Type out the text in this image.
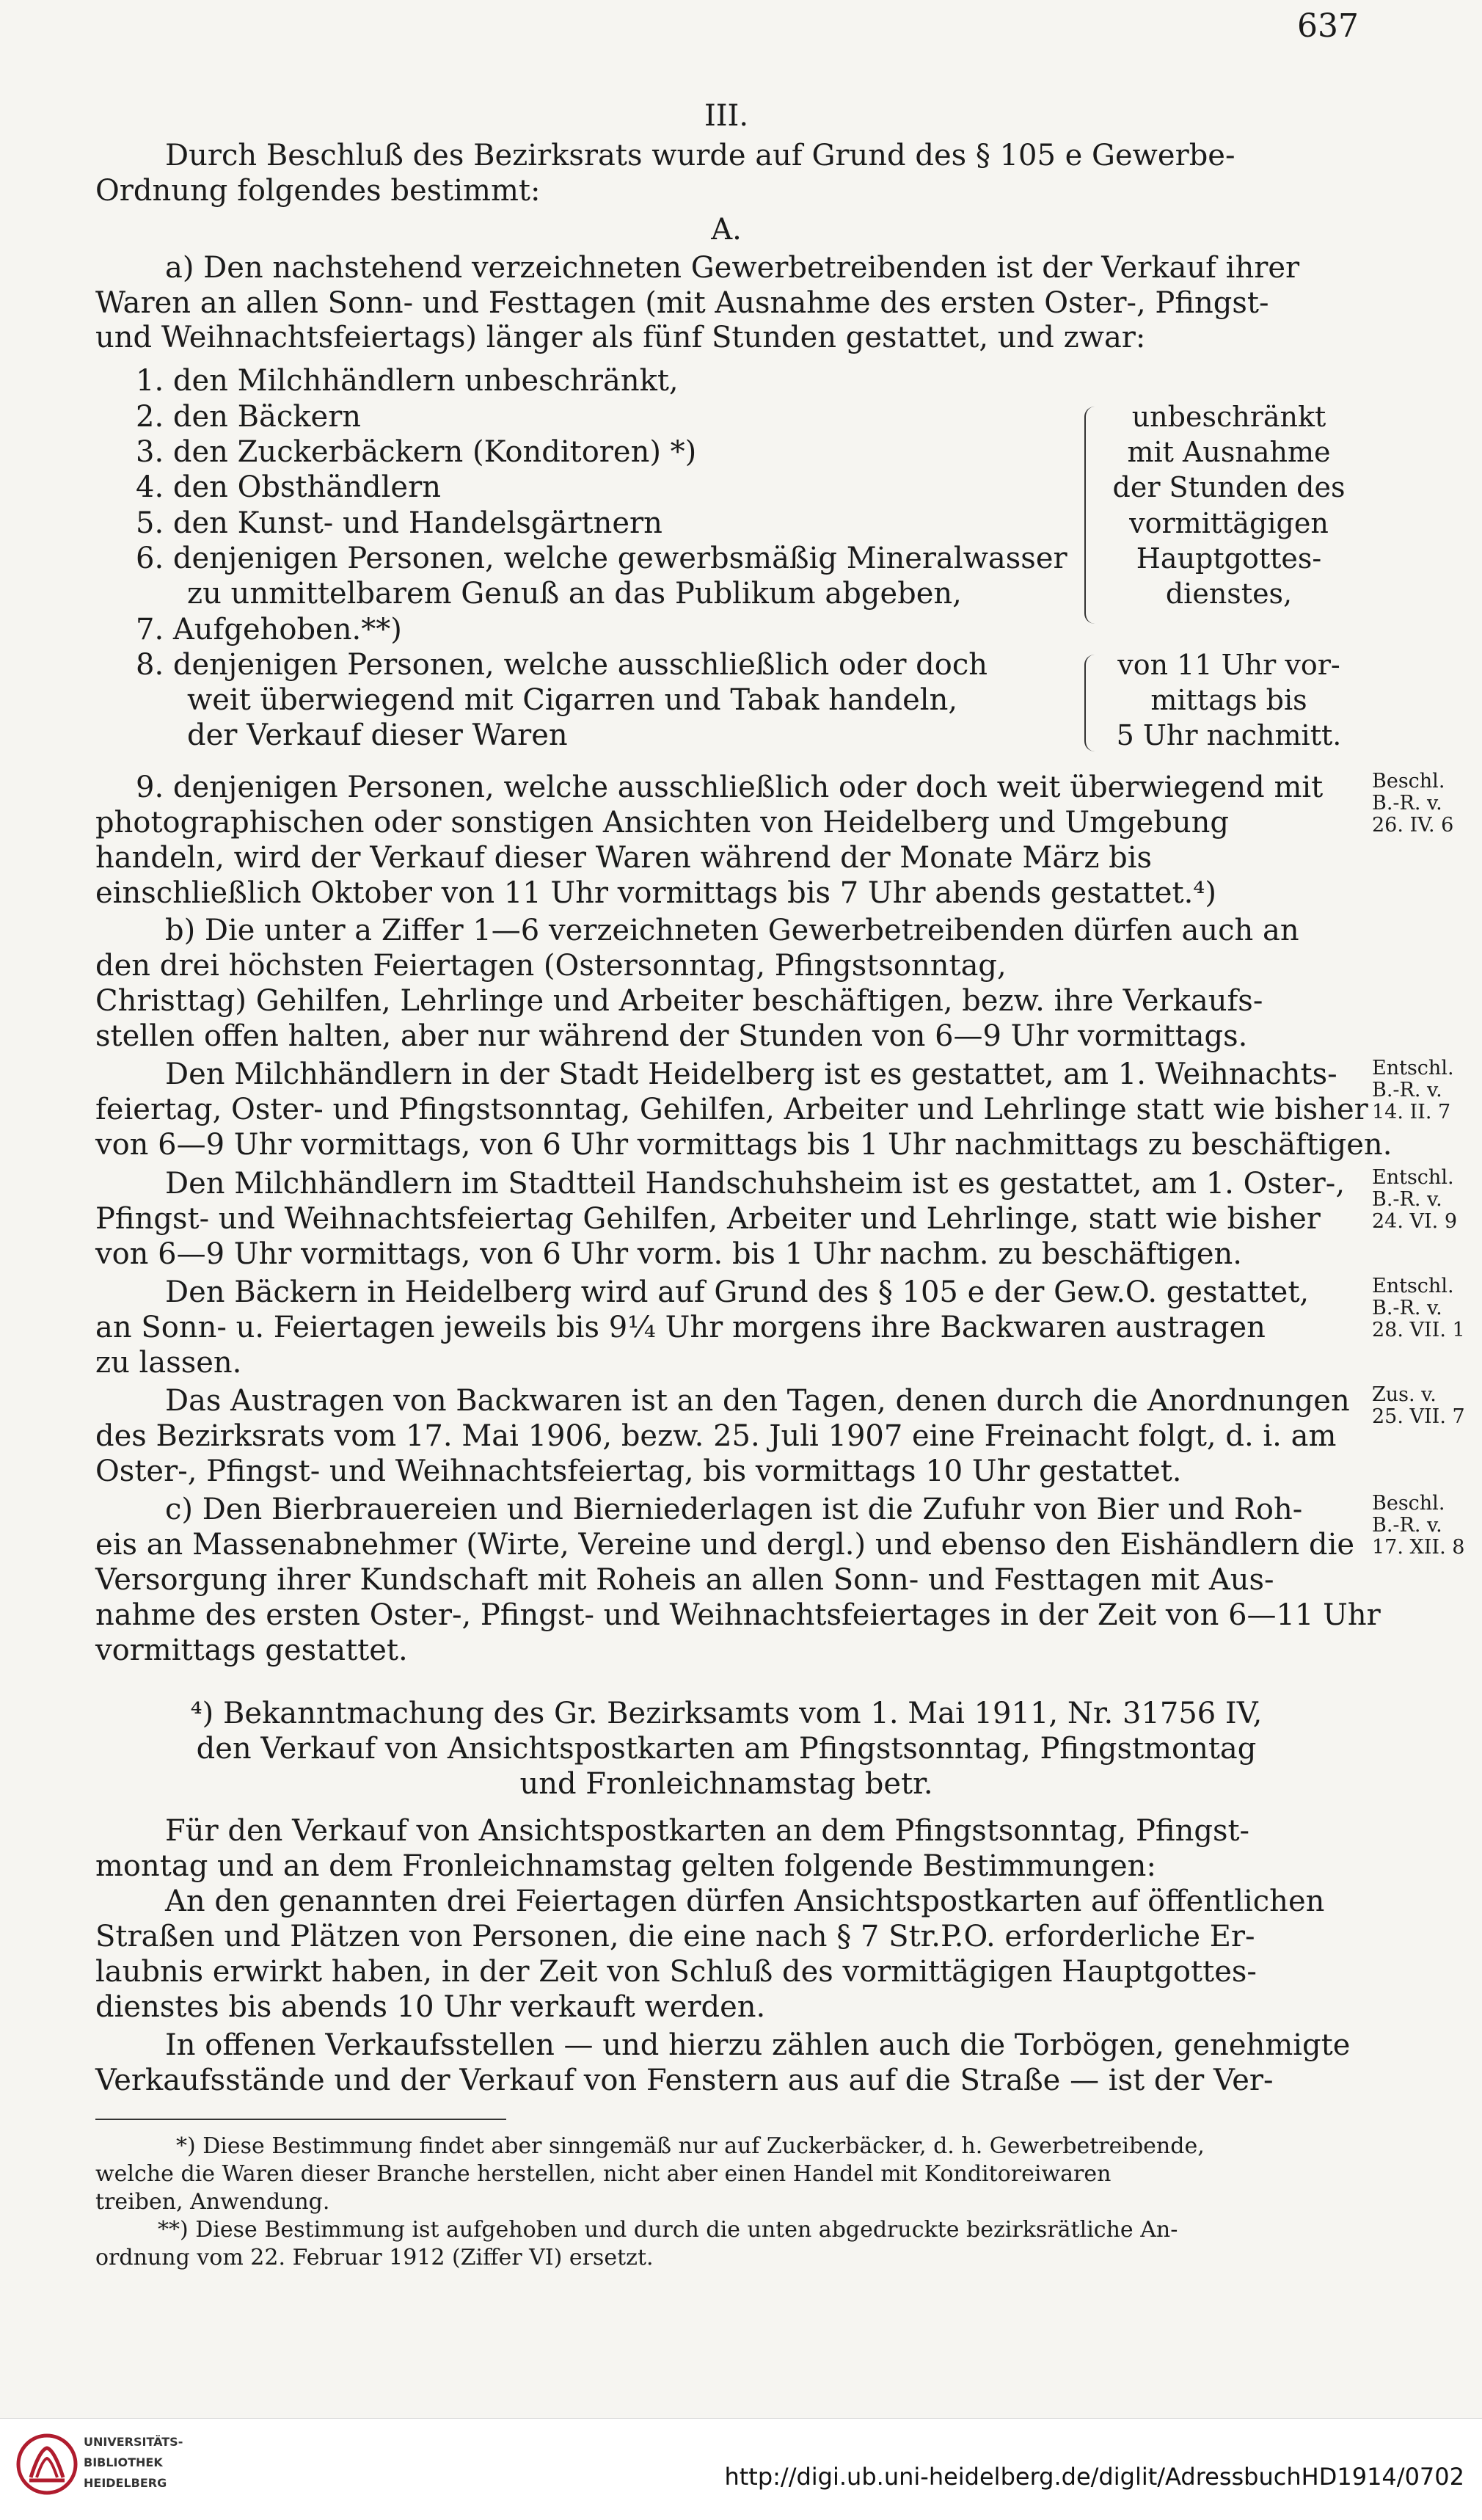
637
III.
Durch Beschluß des Bezirksrats wurde auf Grund des § 105 e Gewerbe-
Ordnung folgendes bestimmt:
A.
a) Den nachstehend verzeichneten Gewerbetreibenden ist der Verkauf ihrer
Waren an allen Sonn- und Festtagen (mit Ausnahme des ersten Oster-, Pfingst-
und Weihnachtsfeiertags) länger als fünf Stunden gestattet, und zwar:
1. den Milchhändlern unbeschränkt,
2. den Bäckern
3. den Zuckerbäckern (Konditoren) *)
4. den Obsthändlern
5. den Kunst- und Handelsgärtnern
6. denjenigen Personen, welche gewerbsmäßig Mineralwasser
zu unmittelbarem Genuß an das Publikum abgeben,
7. Aufgehoben.**)
8. denjenigen Personen, welche ausschließlich oder doch
weit überwiegend mit Cigarren und Tabak handeln,
der Verkauf dieser Waren
unbeschränkt
mit Ausnahme
der Stunden des
vormittägigen
Hauptgottes-
dienstes,
von 11 Uhr vor-
mittags bis
5 Uhr nachmitt.
9. denjenigen Personen, welche ausschließlich oder doch weit überwiegend mit
photographischen oder sonstigen Ansichten von Heidelberg und Umgebung
handeln, wird der Verkauf dieser Waren während der Monate März bis
einschließlich Oktober von 11 Uhr vormittags bis 7 Uhr abends gestattet.⁴)
b) Die unter a Ziffer 1—6 verzeichneten Gewerbetreibenden dürfen auch an
den drei höchsten Feiertagen (Ostersonntag, Pfingstsonntag,
Christtag) Gehilfen, Lehrlinge und Arbeiter beschäftigen, bezw. ihre Verkaufs-
stellen offen halten, aber nur während der Stunden von 6—9 Uhr vormittags.
Den Milchhändlern in der Stadt Heidelberg ist es gestattet, am 1. Weihnachts-
feiertag, Oster- und Pfingstsonntag, Gehilfen, Arbeiter und Lehrlinge statt wie bisher
von 6—9 Uhr vormittags, von 6 Uhr vormittags bis 1 Uhr nachmittags zu beschäftigen.
Den Milchhändlern im Stadtteil Handschuhsheim ist es gestattet, am 1. Oster-,
Pfingst- und Weihnachtsfeiertag Gehilfen, Arbeiter und Lehrlinge, statt wie bisher
von 6—9 Uhr vormittags, von 6 Uhr vorm. bis 1 Uhr nachm. zu beschäftigen.
Den Bäckern in Heidelberg wird auf Grund des § 105 e der Gew.O. gestattet,
an Sonn- u. Feiertagen jeweils bis 9¼ Uhr morgens ihre Backwaren austragen
zu lassen.
Das Austragen von Backwaren ist an den Tagen, denen durch die Anordnungen
des Bezirksrats vom 17. Mai 1906, bezw. 25. Juli 1907 eine Freinacht folgt, d. i. am
Oster-, Pfingst- und Weihnachtsfeiertag, bis vormittags 10 Uhr gestattet.
c) Den Bierbrauereien und Bierniederlagen ist die Zufuhr von Bier und Roh-
eis an Massenabnehmer (Wirte, Vereine und dergl.) und ebenso den Eishändlern die
Versorgung ihrer Kundschaft mit Roheis an allen Sonn- und Festtagen mit Aus-
nahme des ersten Oster-, Pfingst- und Weihnachtsfeiertages in der Zeit von 6—11 Uhr
vormittags gestattet.
Beschl.
B.-R. v.
26. IV. 6
Entschl.
B.-R. v.
14. II. 7
Entschl.
B.-R. v.
24. VI. 9
Entschl.
B.-R. v.
28. VII. 1
Zus. v.
25. VII. 7
Beschl.
B.-R. v.
17. XII. 8
⁴) Bekanntmachung des Gr. Bezirksamts vom 1. Mai 1911, Nr. 31756 IV,
den Verkauf von Ansichtspostkarten am Pfingstsonntag, Pfingstmontag
und Fronleichnamstag betr.
Für den Verkauf von Ansichtspostkarten an dem Pfingstsonntag, Pfingst-
montag und an dem Fronleichnamstag gelten folgende Bestimmungen:
An den genannten drei Feiertagen dürfen Ansichtspostkarten auf öffentlichen
Straßen und Plätzen von Personen, die eine nach § 7 Str.P.O. erforderliche Er-
laubnis erwirkt haben, in der Zeit von Schluß des vormittägigen Hauptgottes-
dienstes bis abends 10 Uhr verkauft werden.
In offenen Verkaufsstellen — und hierzu zählen auch die Torbögen, genehmigte
Verkaufsstände und der Verkauf von Fenstern aus auf die Straße — ist der Ver-
*) Diese Bestimmung findet aber sinngemäß nur auf Zuckerbäcker, d. h. Gewerbetreibende,
welche die Waren dieser Branche herstellen, nicht aber einen Handel mit Konditoreiwaren
treiben, Anwendung.
**) Diese Bestimmung ist aufgehoben und durch die unten abgedruckte bezirksrätliche An-
ordnung vom 22. Februar 1912 (Ziffer VI) ersetzt.
UNIVERSITÄTS-
BIBLIOTHEK
HEIDELBERG	http://digi.ub.uni-heidelberg.de/diglit/AdressbuchHD1914/0702
